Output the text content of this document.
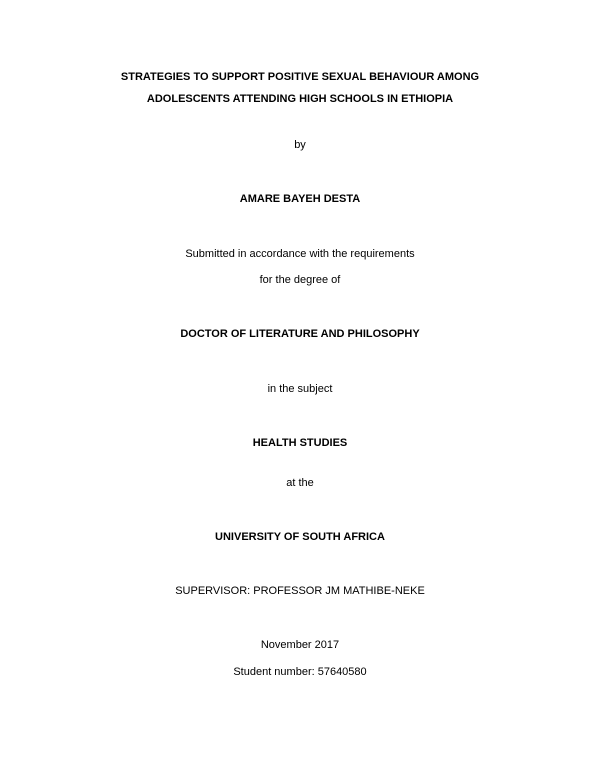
STRATEGIES TO SUPPORT POSITIVE SEXUAL BEHAVIOUR AMONG
ADOLESCENTS ATTENDING HIGH SCHOOLS IN ETHIOPIA
by
AMARE BAYEH DESTA
Submitted in accordance with the requirements
for the degree of
DOCTOR OF LITERATURE AND PHILOSOPHY
in the subject
HEALTH STUDIES
at the
UNIVERSITY OF SOUTH AFRICA
SUPERVISOR: PROFESSOR JM MATHIBE-NEKE
November 2017
Student number: 57640580
